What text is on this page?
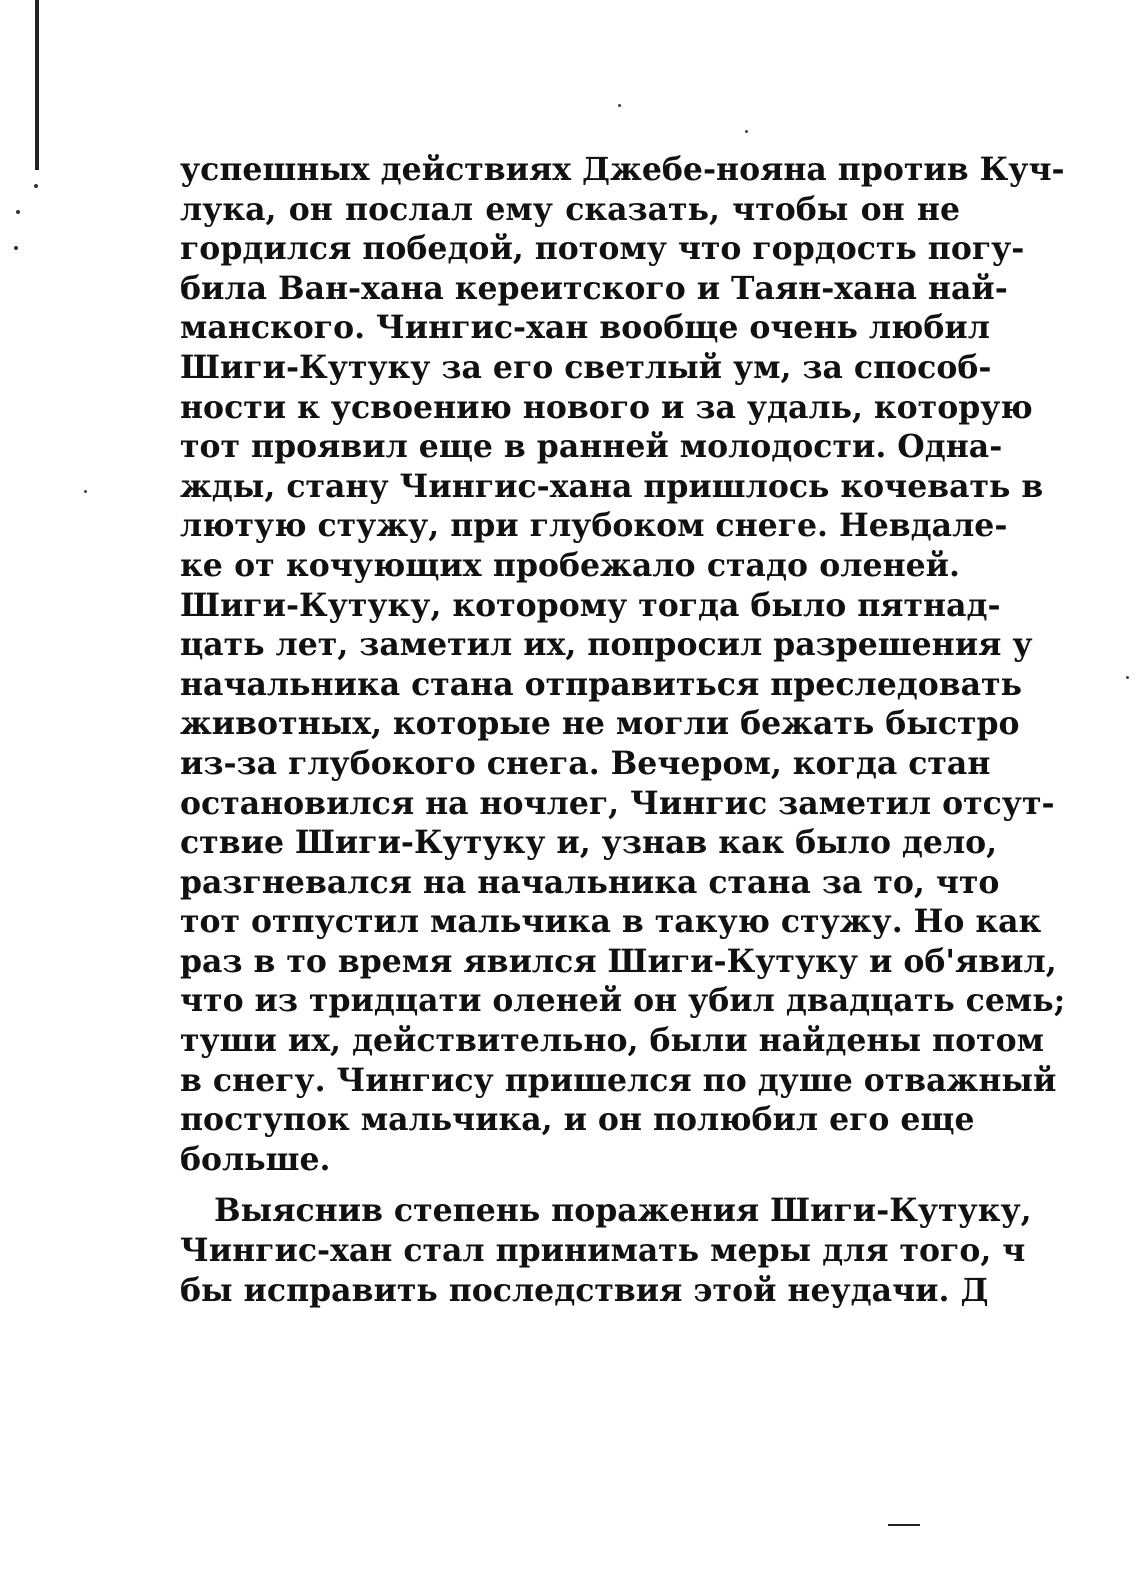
успешных действиях Джебе-нояна против Куч-
лука, он послал ему сказать, чтобы он не
гордился победой, потому что гордость погу-
била Ван-хана кереитского и Таян-хана най-
манского. Чингис-хан вообще очень любил
Шиги-Кутуку за его светлый ум, за способ-
ности к усвоению нового и за удаль, которую
тот проявил еще в ранней молодости. Одна-
жды, стану Чингис-хана пришлось кочевать в
лютую стужу, при глубоком снеге. Невдале-
ке от кочующих пробежало стадо оленей.
Шиги-Кутуку, которому тогда было пятнад-
цать лет, заметил их, попросил разрешения у
начальника стана отправиться преследовать
животных, которые не могли бежать быстро
из-за глубокого снега. Вечером, когда стан
остановился на ночлег, Чингис заметил отсут-
ствие Шиги-Кутуку и, узнав как было дело,
разгневался на начальника стана за то, что
тот отпустил мальчика в такую стужу. Но как
раз в то время явился Шиги-Кутуку и об'явил,
что из тридцати оленей он убил двадцать семь;
туши их, действительно, были найдены потом
в снегу. Чингису пришелся по душе отважный
поступок мальчика, и он полюбил его еще
больше.
Выяснив степень поражения Шиги-Кутуку,
Чингис-хан стал принимать меры для того, ч
бы исправить последствия этой неудачи. Д
